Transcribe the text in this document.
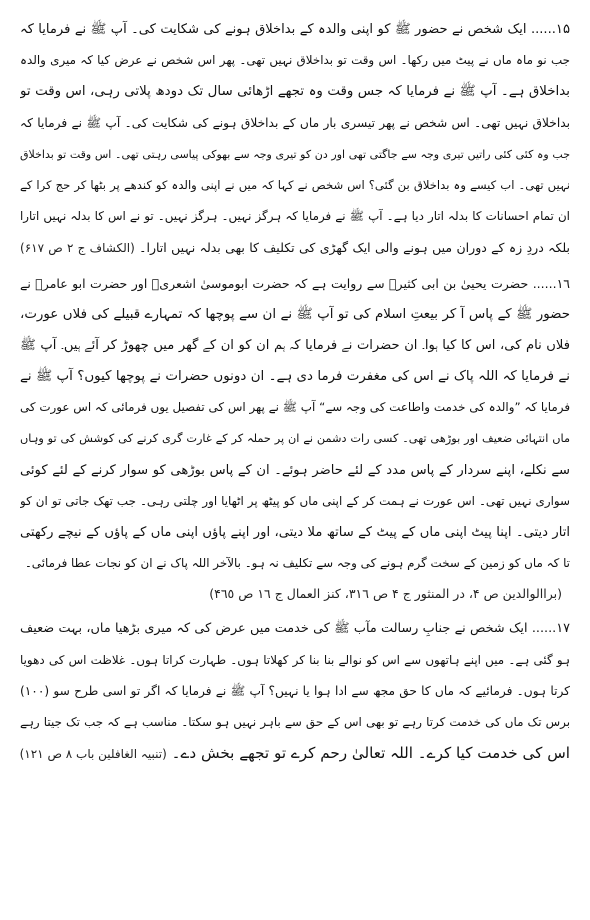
١۵...... ایک شخص نے حضور ﷺ کو اپنی والدہ کے بداخلاق ہونے کی شکایت کی۔ آپ ﷺ نے فرمایا کہ
جب نو ماہ ماں نے پیٹ میں رکھا۔ اس وقت تو بداخلاق نہیں تھی۔ پھر اس شخص نے عرض کیا کہ میری والدہ
بداخلاق ہے۔ آپ ﷺ نے فرمایا کہ جس وقت وہ تجھے اڑھائی سال تک دودھ پلاتی رہی، اس وقت تو
بداخلاق نہیں تھی۔ اس شخص نے پھر تیسری بار ماں کے بداخلاق ہونے کی شکایت کی۔ آپ ﷺ نے فرمایا کہ
جب وہ کئی کئی راتیں تیری وجہ سے جاگتی تھی اور دن کو تیری وجہ سے بھوکی پیاسی رہتی تھی۔ اس وقت تو بداخلاق
نہیں تھی۔ اب کیسے وہ بداخلاق بن گئی؟ اس شخص نے کہا کہ میں نے اپنی والدہ کو کندھے پر بٹھا کر حج کرا کے
ان تمام احسانات کا بدلہ اتار دیا ہے۔ آپ ﷺ نے فرمایا کہ ہرگز نہیں۔ ہرگز نہیں۔ تو نے اس کا بدلہ نہیں اتارا
بلکہ دردِ زہ کے دوران میں ہونے والی ایک گھڑی کی تکلیف کا بھی بدلہ نہیں اتارا۔ (الکشاف ج ۲ ص ۶۱۷)
١٦...... حضرت یحییٰ بن ابی کثیرؒ سے روایت ہے کہ حضرت ابوموسیٰ اشعریؓ اور حضرت ابو عامرؓ نے
حضور ﷺ کے پاس آ کر بیعتِ اسلام کی تو آپ ﷺ نے ان سے پوچھا کہ تمہارے قبیلے کی فلاں عورت،
فلاں نام کی، اس کا کیا ہوا۔ ان حضرات نے فرمایا کہ ہم ان کو ان کے گھر میں چھوڑ کر آئے ہیں۔ آپ ﷺ
نے فرمایا کہ اللہ پاک نے اس کی مغفرت فرما دی ہے۔ ان دونوں حضرات نے پوچھا کیوں؟ آپ ﷺ نے
فرمایا کہ ”والدہ کی خدمت واطاعت کی وجہ سے“ آپ ﷺ نے پھر اس کی تفصیل یوں فرمائی کہ اس عورت کی
ماں انتہائی ضعیف اور بوڑھی تھی۔ کسی رات دشمن نے ان پر حملہ کر کے غارت گری کرنے کی کوشش کی تو وہاں
سے نکلے، اپنے سردار کے پاس مدد کے لئے حاضر ہوئے۔ ان کے پاس بوڑھی کو سوار کرنے کے لئے کوئی
سواری نہیں تھی۔ اس عورت نے ہمت کر کے اپنی ماں کو پیٹھ پر اٹھایا اور چلتی رہی۔ جب تھک جاتی تو ان کو
اتار دیتی۔ اپنا پیٹ اپنی ماں کے پیٹ کے ساتھ ملا دیتی، اور اپنے پاؤں اپنی ماں کے پاؤں کے نیچے رکھتی
تا کہ ماں کو زمین کے سخت گرم ہونے کی وجہ سے تکلیف نہ ہو۔ بالآخر اللہ پاک نے ان کو نجات عطا فرمائی۔
(براالوالدین ص ۴، در المنثور ج ۴ ص ۳۱٦، کنز العمال ج ١٦ ص ۴٦٥)
١٧...... ایک شخص نے جنابِ رسالت مآب ﷺ کی خدمت میں عرض کی کہ میری بڑھیا ماں، بہت ضعیف
ہو گئی ہے۔ میں اپنے ہاتھوں سے اس کو نوالے بنا بنا کر کھلاتا ہوں۔ طہارت کراتا ہوں۔ غلاظت اس کی دھویا
کرتا ہوں۔ فرمائیے کہ ماں کا حق مجھ سے ادا ہوا یا نہیں؟ آپ ﷺ نے فرمایا کہ اگر تو اسی طرح سو (١٠٠)
برس تک ماں کی خدمت کرتا رہے تو بھی اس کے حق سے باہر نہیں ہو سکتا۔ مناسب ہے کہ جب تک جیتا رہے
اس کی خدمت کیا کرے۔ اللہ تعالیٰ رحم کرے تو تجھے بخش دے۔ (تنبیہ الغافلین باب ۸ ص ١٢١)
